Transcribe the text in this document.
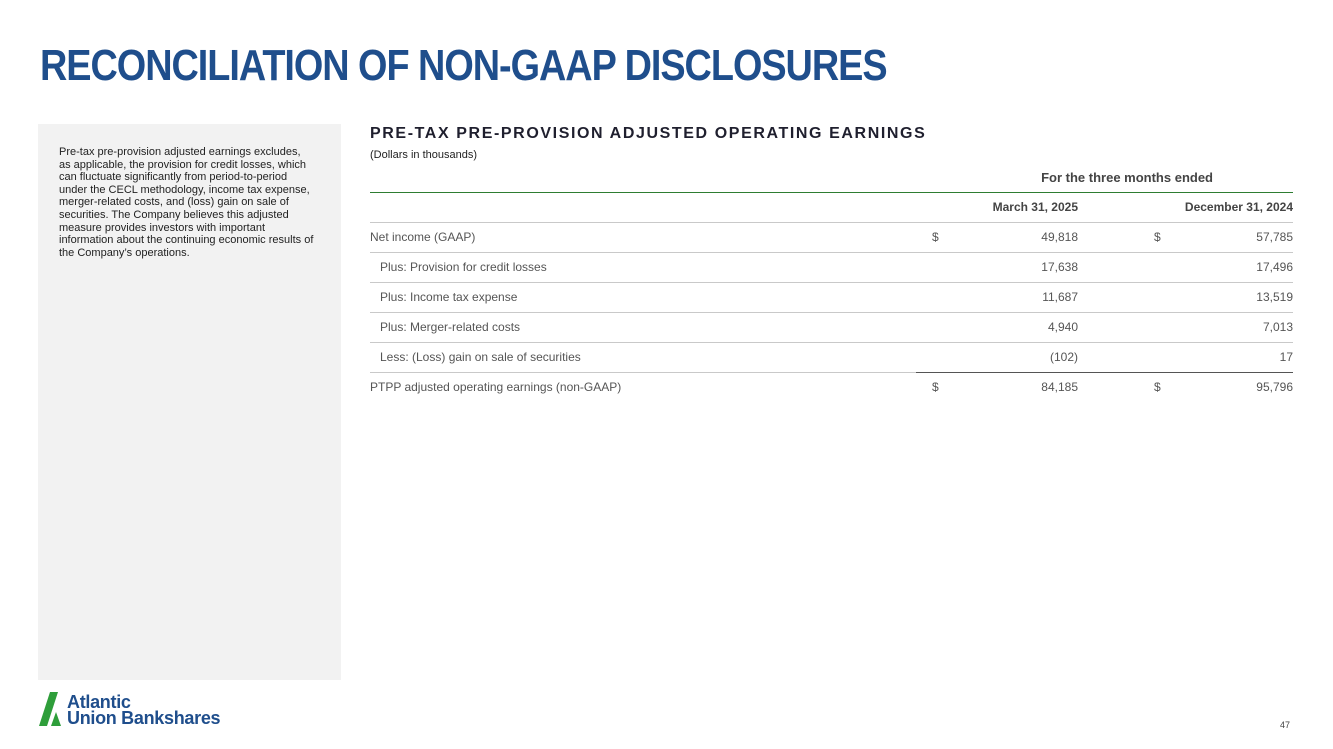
RECONCILIATION OF NON-GAAP DISCLOSURES

Pre-tax pre-provision adjusted earnings excludes, as applicable, the provision for credit losses, which can fluctuate significantly from period-to-period under the CECL methodology, income tax expense, merger-related costs, and (loss) gain on sale of securities. The Company believes this adjusted measure provides investors with important information about the continuing economic results of the Company’s operations.

PRE-TAX PRE-PROVISION ADJUSTED OPERATING EARNINGS
(Dollars in thousands)
For the three months ended
March 31, 2025	December 31, 2024
Net income (GAAP)	$	49,818	$	57,785
Plus: Provision for credit losses	17,638	17,496
Plus: Income tax expense	11,687	13,519
Plus: Merger-related costs	4,940	7,013
Less: (Loss) gain on sale of securities	(102)	17
PTPP adjusted operating earnings (non-GAAP)	$	84,185	$	95,796
Atlantic
Union Bankshares	47
